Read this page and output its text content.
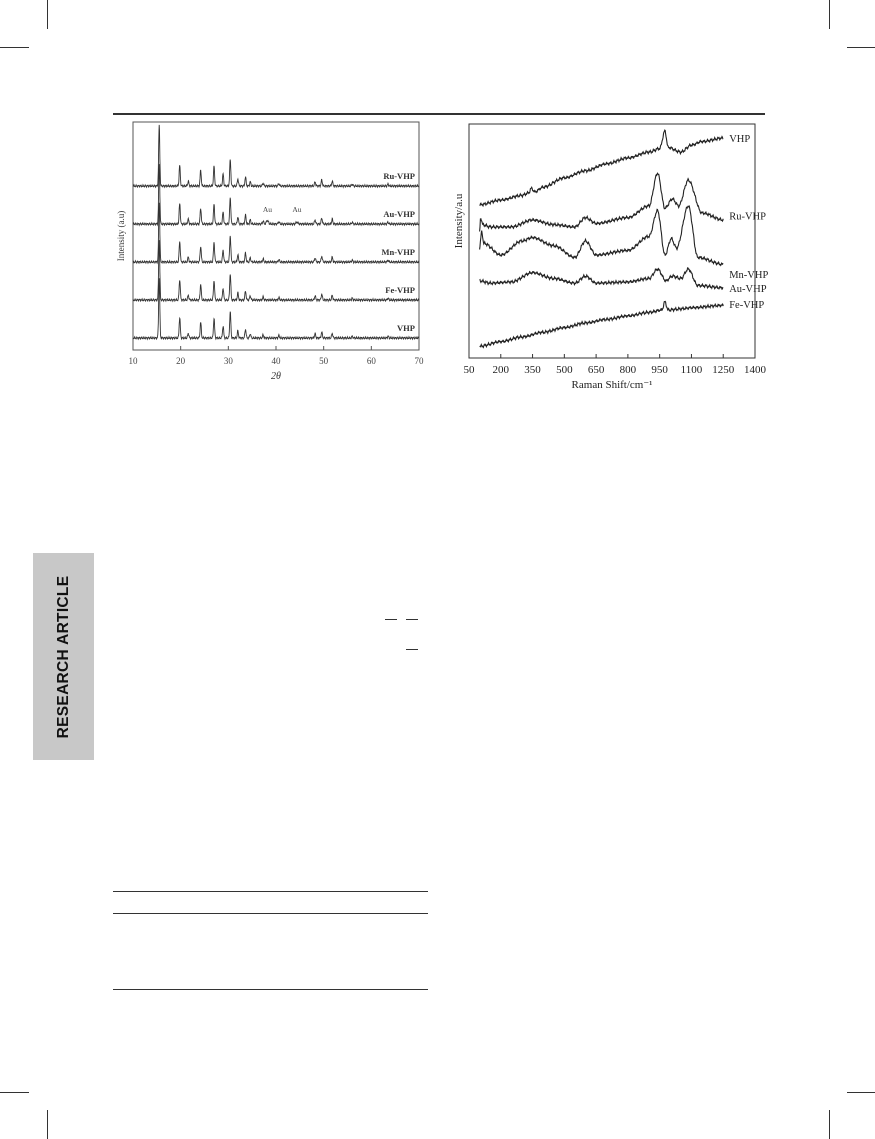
10	20	30	40	50	60	70
2θ
Intensity (a.u)
Ru-VHP
Au-VHP
Mn-VHP
Fe-VHP
VHP
Au	Au
50 200 350 500 650 800 950 1100 1250 1400
Raman Shift/cm⁻¹
Intensity/a.u
VHP
Ru-VHP
Mn-VHP
Au-VHP
Fe-VHP
RESEARCH ARTICLE
